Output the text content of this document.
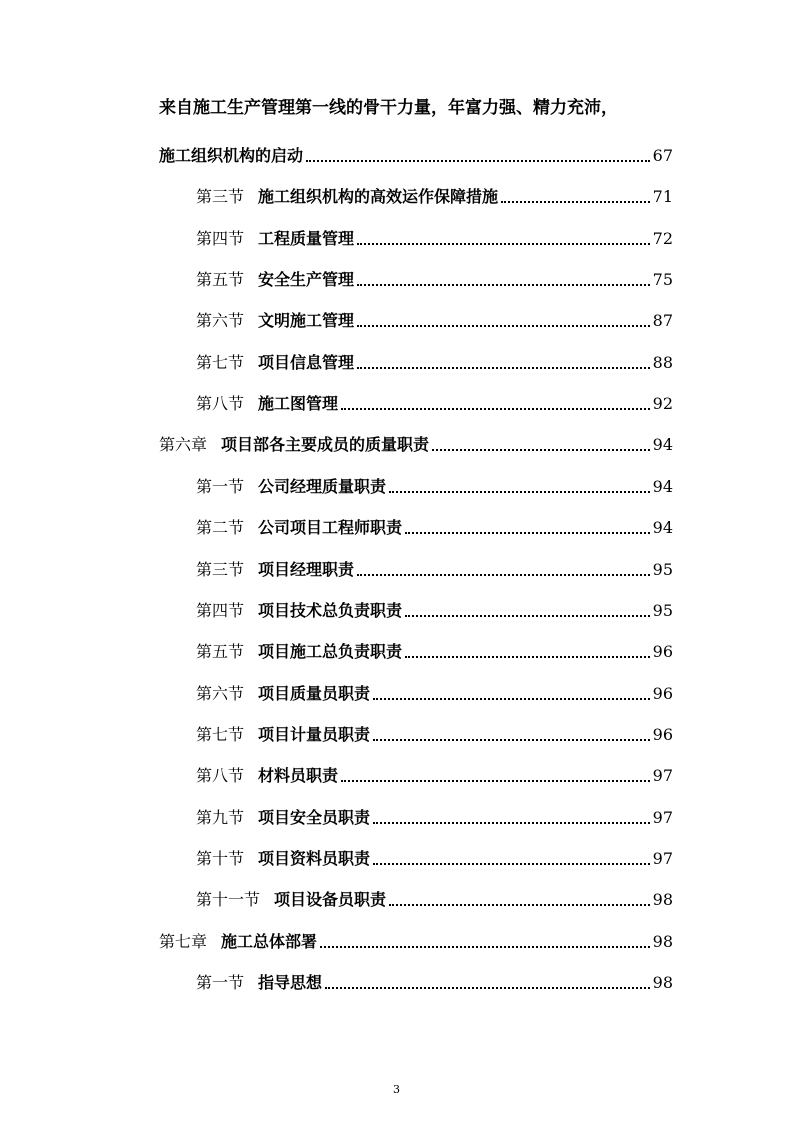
来自施工生产管理第一线的骨干力量，年富力强、精力充沛，
施工组织机构的启动	67
第三节 施工组织机构的高效运作保障措施	71
第四节 工程质量管理	72
第五节 安全生产管理	75
第六节 文明施工管理	87
第七节 项目信息管理	88
第八节 施工图管理	92
第六章 项目部各主要成员的质量职责	94
第一节 公司经理质量职责	94
第二节 公司项目工程师职责	94
第三节 项目经理职责	95
第四节 项目技术总负责职责	95
第五节 项目施工总负责职责	96
第六节 项目质量员职责	96
第七节 项目计量员职责	96
第八节 材料员职责	97
第九节 项目安全员职责	97
第十节 项目资料员职责	97
第十一节 项目设备员职责	98
第七章 施工总体部署	98
第一节 指导思想	98
3
